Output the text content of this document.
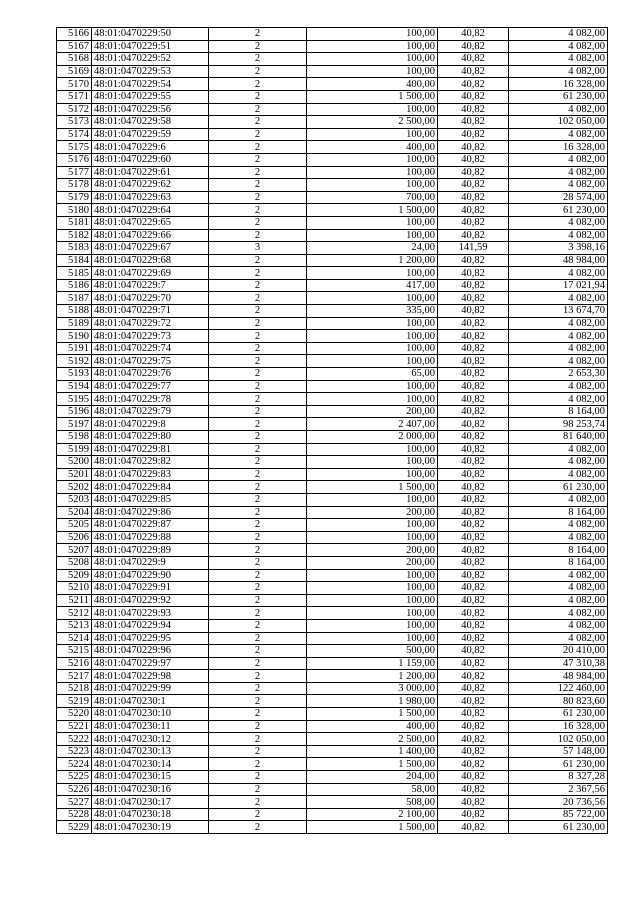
5166	48:01:0470229:50	2	100,00	40,82	4 082,00
5167	48:01:0470229:51	2	100,00	40,82	4 082,00
5168	48:01:0470229:52	2	100,00	40,82	4 082,00
5169	48:01:0470229:53	2	100,00	40,82	4 082,00
5170	48:01:0470229:54	2	400,00	40,82	16 328,00
5171	48:01:0470229:55	2	1 500,00	40,82	61 230,00
5172	48:01:0470229:56	2	100,00	40,82	4 082,00
5173	48:01:0470229:58	2	2 500,00	40,82	102 050,00
5174	48:01:0470229:59	2	100,00	40,82	4 082,00
5175	48:01:0470229:6	2	400,00	40,82	16 328,00
5176	48:01:0470229:60	2	100,00	40,82	4 082,00
5177	48:01:0470229:61	2	100,00	40,82	4 082,00
5178	48:01:0470229:62	2	100,00	40,82	4 082,00
5179	48:01:0470229:63	2	700,00	40,82	28 574,00
5180	48:01:0470229:64	2	1 500,00	40,82	61 230,00
5181	48:01:0470229:65	2	100,00	40,82	4 082,00
5182	48:01:0470229:66	2	100,00	40,82	4 082,00
5183	48:01:0470229:67	3	24,00	141,59	3 398,16
5184	48:01:0470229:68	2	1 200,00	40,82	48 984,00
5185	48:01:0470229:69	2	100,00	40,82	4 082,00
5186	48:01:0470229:7	2	417,00	40,82	17 021,94
5187	48:01:0470229:70	2	100,00	40,82	4 082,00
5188	48:01:0470229:71	2	335,00	40,82	13 674,70
5189	48:01:0470229:72	2	100,00	40,82	4 082,00
5190	48:01:0470229:73	2	100,00	40,82	4 082,00
5191	48:01:0470229:74	2	100,00	40,82	4 082,00
5192	48:01:0470229:75	2	100,00	40,82	4 082,00
5193	48:01:0470229:76	2	65,00	40,82	2 653,30
5194	48:01:0470229:77	2	100,00	40,82	4 082,00
5195	48:01:0470229:78	2	100,00	40,82	4 082,00
5196	48:01:0470229:79	2	200,00	40,82	8 164,00
5197	48:01:0470229:8	2	2 407,00	40,82	98 253,74
5198	48:01:0470229:80	2	2 000,00	40,82	81 640,00
5199	48:01:0470229:81	2	100,00	40,82	4 082,00
5200	48:01:0470229:82	2	100,00	40,82	4 082,00
5201	48:01:0470229:83	2	100,00	40,82	4 082,00
5202	48:01:0470229:84	2	1 500,00	40,82	61 230,00
5203	48:01:0470229:85	2	100,00	40,82	4 082,00
5204	48:01:0470229:86	2	200,00	40,82	8 164,00
5205	48:01:0470229:87	2	100,00	40,82	4 082,00
5206	48:01:0470229:88	2	100,00	40,82	4 082,00
5207	48:01:0470229:89	2	200,00	40,82	8 164,00
5208	48:01:0470229:9	2	200,00	40,82	8 164,00
5209	48:01:0470229:90	2	100,00	40,82	4 082,00
5210	48:01:0470229:91	2	100,00	40,82	4 082,00
5211	48:01:0470229:92	2	100,00	40,82	4 082,00
5212	48:01:0470229:93	2	100,00	40,82	4 082,00
5213	48:01:0470229:94	2	100,00	40,82	4 082,00
5214	48:01:0470229:95	2	100,00	40,82	4 082,00
5215	48:01:0470229:96	2	500,00	40,82	20 410,00
5216	48:01:0470229:97	2	1 159,00	40,82	47 310,38
5217	48:01:0470229:98	2	1 200,00	40,82	48 984,00
5218	48:01:0470229:99	2	3 000,00	40,82	122 460,00
5219	48:01:0470230:1	2	1 980,00	40,82	80 823,60
5220	48:01:0470230:10	2	1 500,00	40,82	61 230,00
5221	48:01:0470230:11	2	400,00	40,82	16 328,00
5222	48:01:0470230:12	2	2 500,00	40,82	102 050,00
5223	48:01:0470230:13	2	1 400,00	40,82	57 148,00
5224	48:01:0470230:14	2	1 500,00	40,82	61 230,00
5225	48:01:0470230:15	2	204,00	40,82	8 327,28
5226	48:01:0470230:16	2	58,00	40,82	2 367,56
5227	48:01:0470230:17	2	508,00	40,82	20 736,56
5228	48:01:0470230:18	2	2 100,00	40,82	85 722,00
5229	48:01:0470230:19	2	1 500,00	40,82	61 230,00
